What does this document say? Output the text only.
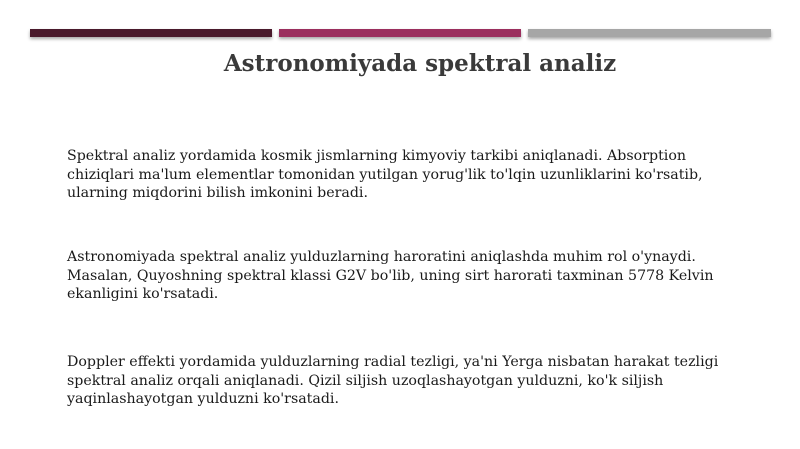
Astronomiyada spektral analiz

Spektral analiz yordamida kosmik jismlarning kimyoviy tarkibi aniqlanadi. Absorption chiziqlari ma'lum elementlar tomonidan yutilgan yorug'lik to'lqin uzunliklarini ko'rsatib, ularning miqdorini bilish imkonini beradi.

Astronomiyada spektral analiz yulduzlarning haroratini aniqlashda muhim rol o'ynaydi. Masalan, Quyoshning spektral klassi G2V bo'lib, uning sirt harorati taxminan 5778 Kelvin ekanligini ko'rsatadi.

Doppler effekti yordamida yulduzlarning radial tezligi, ya'ni Yerga nisbatan harakat tezligi spektral analiz orqali aniqlanadi. Qizil siljish uzoqlashayotgan yulduzni, ko'k siljish yaqinlashayotgan yulduzni ko'rsatadi.
